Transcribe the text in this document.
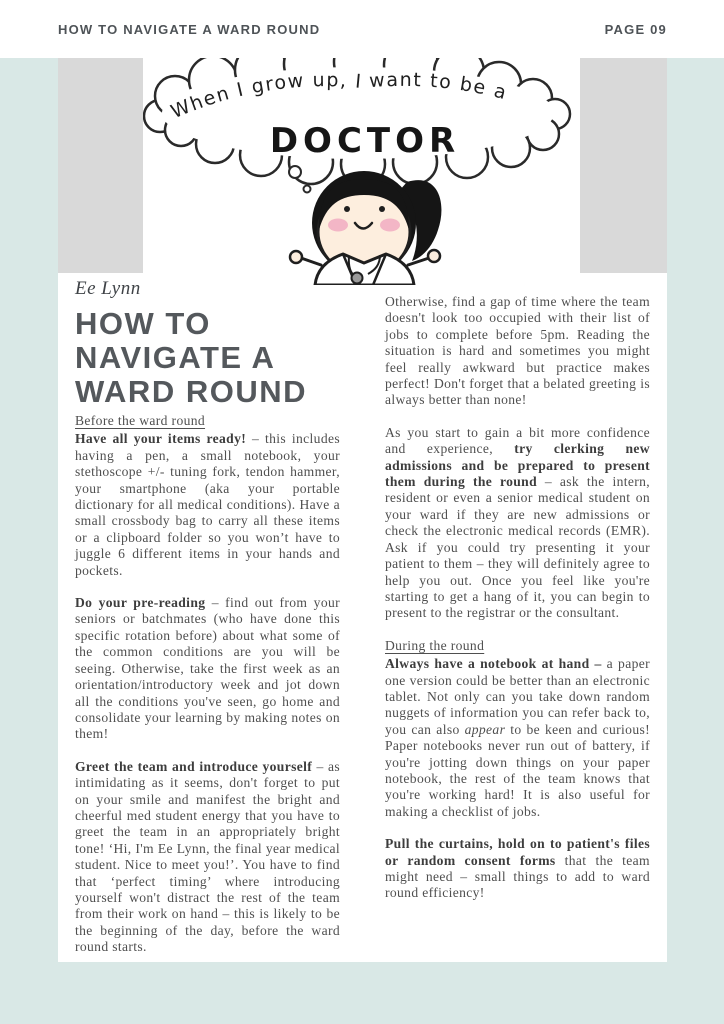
HOW TO NAVIGATE A WARD ROUND	PAGE 09
When I grow up, I want to be a
DOCTOR
Ee Lynn
HOW TO
NAVIGATE A
WARD ROUND
Before the ward round

Have all your items ready! – this includes having a pen, a small notebook, your stethoscope +/- tuning fork, tendon hammer, your smartphone (aka your portable dictionary for all medical conditions). Have a small crossbody bag to carry all these items or a clipboard folder so you won’t have to juggle 6 different items in your hands and pockets.

Do your pre-reading – find out from your seniors or batchmates (who have done this specific rotation before) about what some of the common conditions are you will be seeing. Otherwise, take the first week as an orientation/introductory week and jot down all the conditions you've seen, go home and consolidate your learning by making notes on them!

Greet the team and introduce yourself – as intimidating as it seems, don't forget to put on your smile and manifest the bright and cheerful med student energy that you have to greet the team in an appropriately bright tone! ‘Hi, I'm Ee Lynn, the final year medical student. Nice to meet you!’. You have to find that ‘perfect timing’ where introducing yourself won't distract the rest of the team from their work on hand – this is likely to be the beginning of the day, before the ward round starts.

Otherwise, find a gap of time where the team doesn't look too occupied with their list of jobs to complete before 5pm. Reading the situation is hard and sometimes you might feel really awkward but practice makes perfect! Don't forget that a belated greeting is always better than none!

As you start to gain a bit more confidence and experience, try clerking new admissions and be prepared to present them during the round – ask the intern, resident or even a senior medical student on your ward if they are new admissions or check the electronic medical records (EMR). Ask if you could try presenting it your patient to them – they will definitely agree to help you out. Once you feel like you're starting to get a hang of it, you can begin to present to the registrar or the consultant.

During the round

Always have a notebook at hand – a paper one version could be better than an electronic tablet. Not only can you take down random nuggets of information you can refer back to, you can also appear to be keen and curious! Paper notebooks never run out of battery, if you're jotting down things on your paper notebook, the rest of the team knows that you're working hard! It is also useful for making a checklist of jobs.

Pull the curtains, hold on to patient's files or random consent forms that the team might need – small things to add to ward round efficiency!
